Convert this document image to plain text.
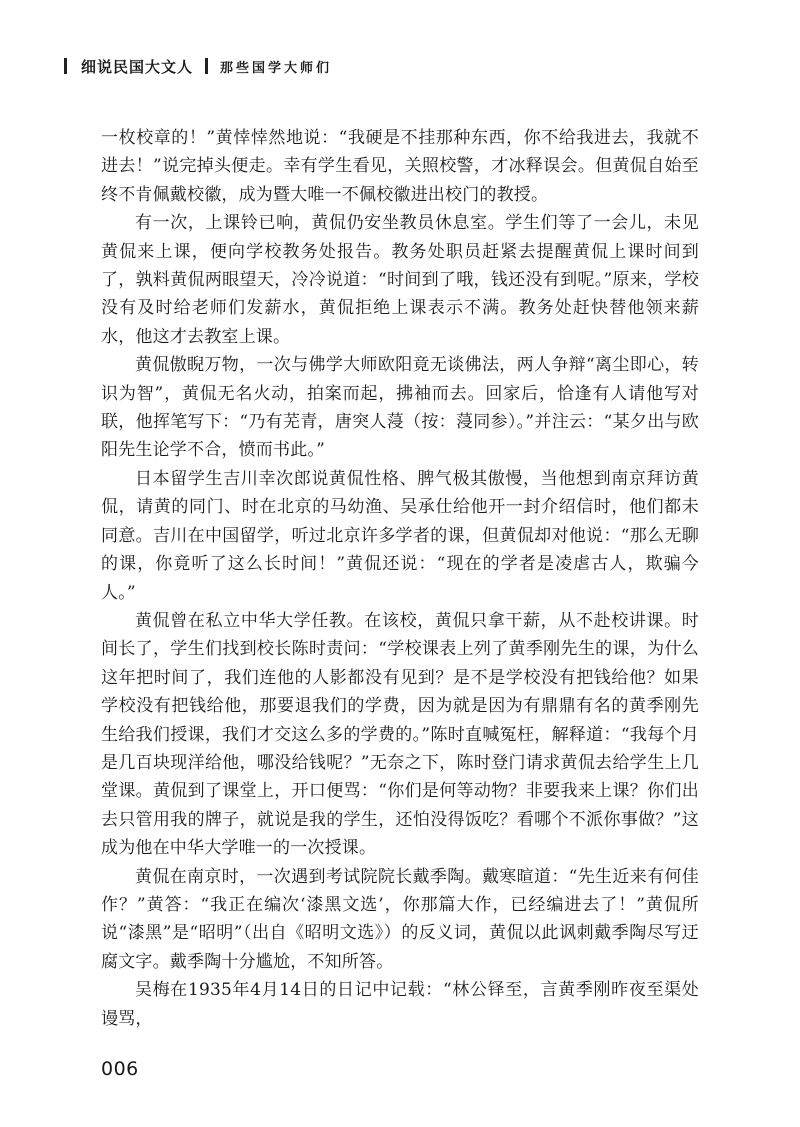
细说民国大文人 那些国学大师们

一枚校章的！”黄悻悻然地说：“我硬是不挂那种东西，你不给我进去，我就不进去！”说完掉头便走。幸有学生看见，关照校警，才冰释误会。但黄侃自始至终不肯佩戴校徽，成为暨大唯一不佩校徽进出校门的教授。

有一次，上课铃已响，黄侃仍安坐教员休息室。学生们等了一会儿，未见黄侃来上课，便向学校教务处报告。教务处职员赶紧去提醒黄侃上课时间到了，孰料黄侃两眼望天，冷冷说道：“时间到了哦，钱还没有到呢。”原来，学校没有及时给老师们发薪水，黄侃拒绝上课表示不满。教务处赶快替他领来薪水，他这才去教室上课。

黄侃傲睨万物，一次与佛学大师欧阳竟无谈佛法，两人争辩“离尘即心，转识为智”，黄侃无名火动，拍案而起，拂袖而去。回家后，恰逢有人请他写对联，他挥笔写下：“乃有芜青，唐突人蓡（按：蓡同参）。”并注云：“某夕出与欧阳先生论学不合，愤而书此。”

日本留学生吉川幸次郎说黄侃性格、脾气极其傲慢，当他想到南京拜访黄侃，请黄的同门、时在北京的马幼渔、吴承仕给他开一封介绍信时，他们都未同意。吉川在中国留学，听过北京许多学者的课，但黄侃却对他说：“那么无聊的课，你竟听了这么长时间！”黄侃还说：“现在的学者是凌虐古人，欺骗今人。”

黄侃曾在私立中华大学任教。在该校，黄侃只拿干薪，从不赴校讲课。时间长了，学生们找到校长陈时责问：“学校课表上列了黄季刚先生的课，为什么这年把时间了，我们连他的人影都没有见到？是不是学校没有把钱给他？如果学校没有把钱给他，那要退我们的学费，因为就是因为有鼎鼎有名的黄季刚先生给我们授课，我们才交这么多的学费的。”陈时直喊冤枉，解释道：“我每个月是几百块现洋给他，哪没给钱呢？”无奈之下，陈时登门请求黄侃去给学生上几堂课。黄侃到了课堂上，开口便骂：“你们是何等动物？非要我来上课？你们出去只管用我的牌子，就说是我的学生，还怕没得饭吃？看哪个不派你事做？”这成为他在中华大学唯一的一次授课。

黄侃在南京时，一次遇到考试院院长戴季陶。戴寒暄道：“先生近来有何佳作？”黄答：“我正在编次‘漆黑文选’，你那篇大作，已经编进去了！”黄侃所说“漆黑”是“昭明”（出自《昭明文选》）的反义词，黄侃以此讽刺戴季陶尽写迂腐文字。戴季陶十分尴尬，不知所答。

吴梅在1935年4月14日的日记中记载：“林公铎至，言黄季刚昨夜至渠处谩骂，

006
